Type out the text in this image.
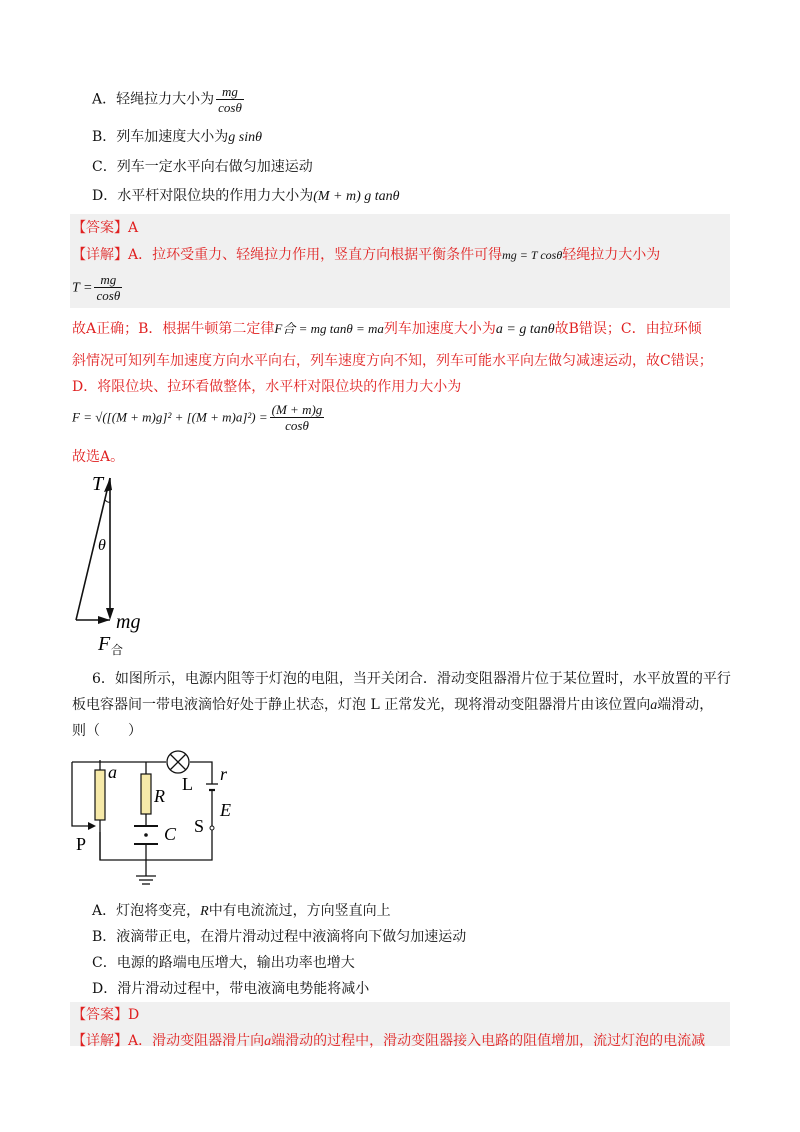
A．轻绳拉力大小为 $\frac{mg}{\cos\theta}$
B．列车加速度大小为g sinθ
C．列车一定水平向右做匀加速运动
D．水平杆对限位块的作用力大小为(M + m) g tanθ
【答案】A
【详解】A．拉环受重力、轻绳拉力作用，竖直方向根据平衡条件可得mg = T cosθ轻绳拉力大小为
$T = \frac{mg}{\cos\theta}$
故A正确；B．根据牛顿第二定律F合 = mg tanθ = ma列车加速度大小为a = g tanθ故B错误；C．由拉环倾
斜情况可知列车加速度方向水平向右，列车速度方向不知，列车可能水平向左做匀减速运动，故C错误；
D．将限位块、拉环看做整体，水平杆对限位块的作用力大小为
$F = √([(M + m)g]^2 + [(M + m)a]^2) = \frac{(M + m)g}{\cos\theta}$
故选A。
T
θ
mg
F 合
6．如图所示，电源内阻等于灯泡的电阻，当开关闭合．滑动变阻器滑片位于某位置时，水平放置的平行
板电容器间一带电液滴恰好处于静止状态，灯泡 L 正常发光，现将滑动变阻器滑片由该位置向a端滑动，
则（　　）
a
P
R
C
L
S
r
E
A．灯泡将变亮，R中有电流流过，方向竖直向上
B．液滴带正电，在滑片滑动过程中液滴将向下做匀加速运动
C．电源的路端电压增大，输出功率也增大
D．滑片滑动过程中，带电液滴电势能将减小
【答案】D
【详解】A．滑动变阻器滑片向a端滑动的过程中，滑动变阻器接入电路的阻值增加，流过灯泡的电流减
